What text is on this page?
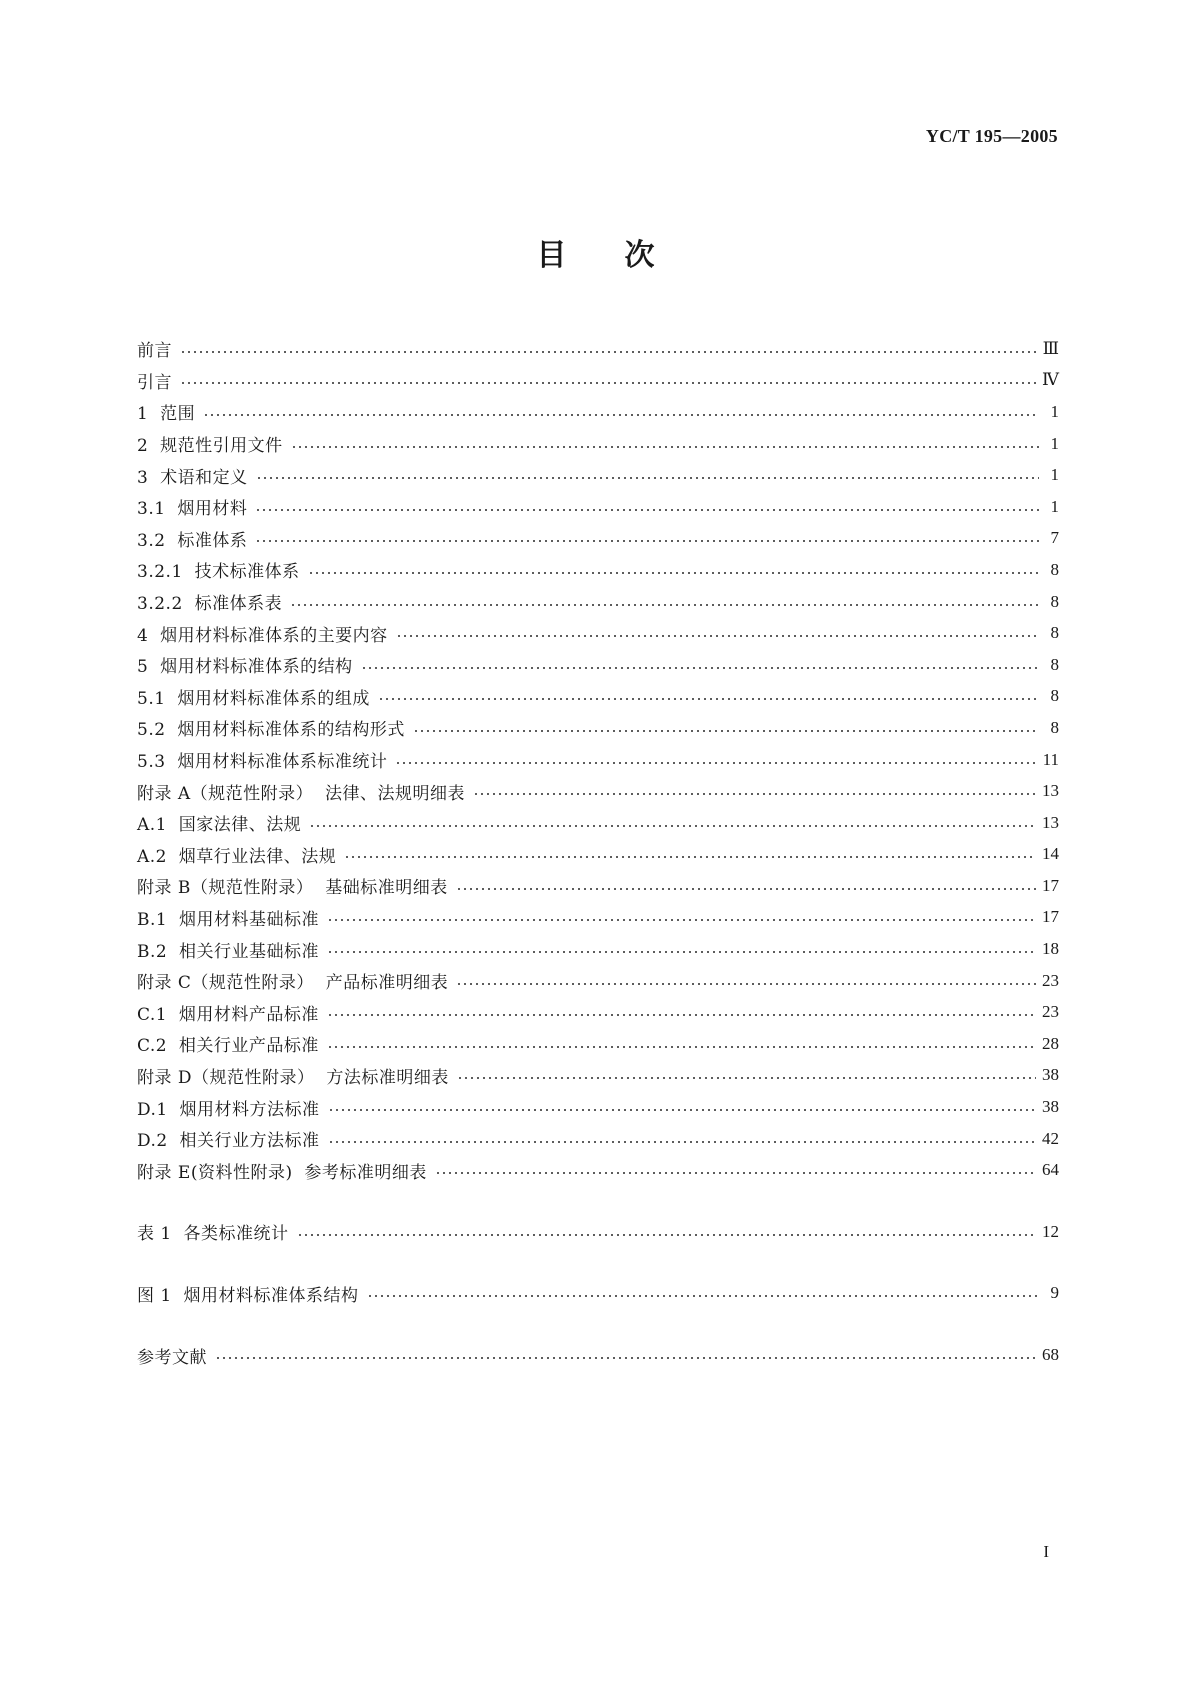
YC/T 195—2005
目次
前言	Ⅲ
引言	Ⅳ
1  范围	1
2  规范性引用文件	1
3  术语和定义	1
3.1  烟用材料	1
3.2  标准体系	7
3.2.1  技术标准体系	8
3.2.2  标准体系表	8
4  烟用材料标准体系的主要内容	8
5  烟用材料标准体系的结构	8
5.1  烟用材料标准体系的组成	8
5.2  烟用材料标准体系的结构形式	8
5.3  烟用材料标准体系标准统计	11
附录 A（规范性附录）  法律、法规明细表	13
A.1  国家法律、法规	13
A.2  烟草行业法律、法规	14
附录 B（规范性附录）  基础标准明细表	17
B.1  烟用材料基础标准	17
B.2  相关行业基础标准	18
附录 C（规范性附录）  产品标准明细表	23
C.1  烟用材料产品标准	23
C.2  相关行业产品标准	28
附录 D（规范性附录）  方法标准明细表	38
D.1  烟用材料方法标准	38
D.2  相关行业方法标准	42
附录 E(资料性附录)  参考标准明细表	64
表 1  各类标准统计	12
图 1  烟用材料标准体系结构	9
参考文献	68
I
